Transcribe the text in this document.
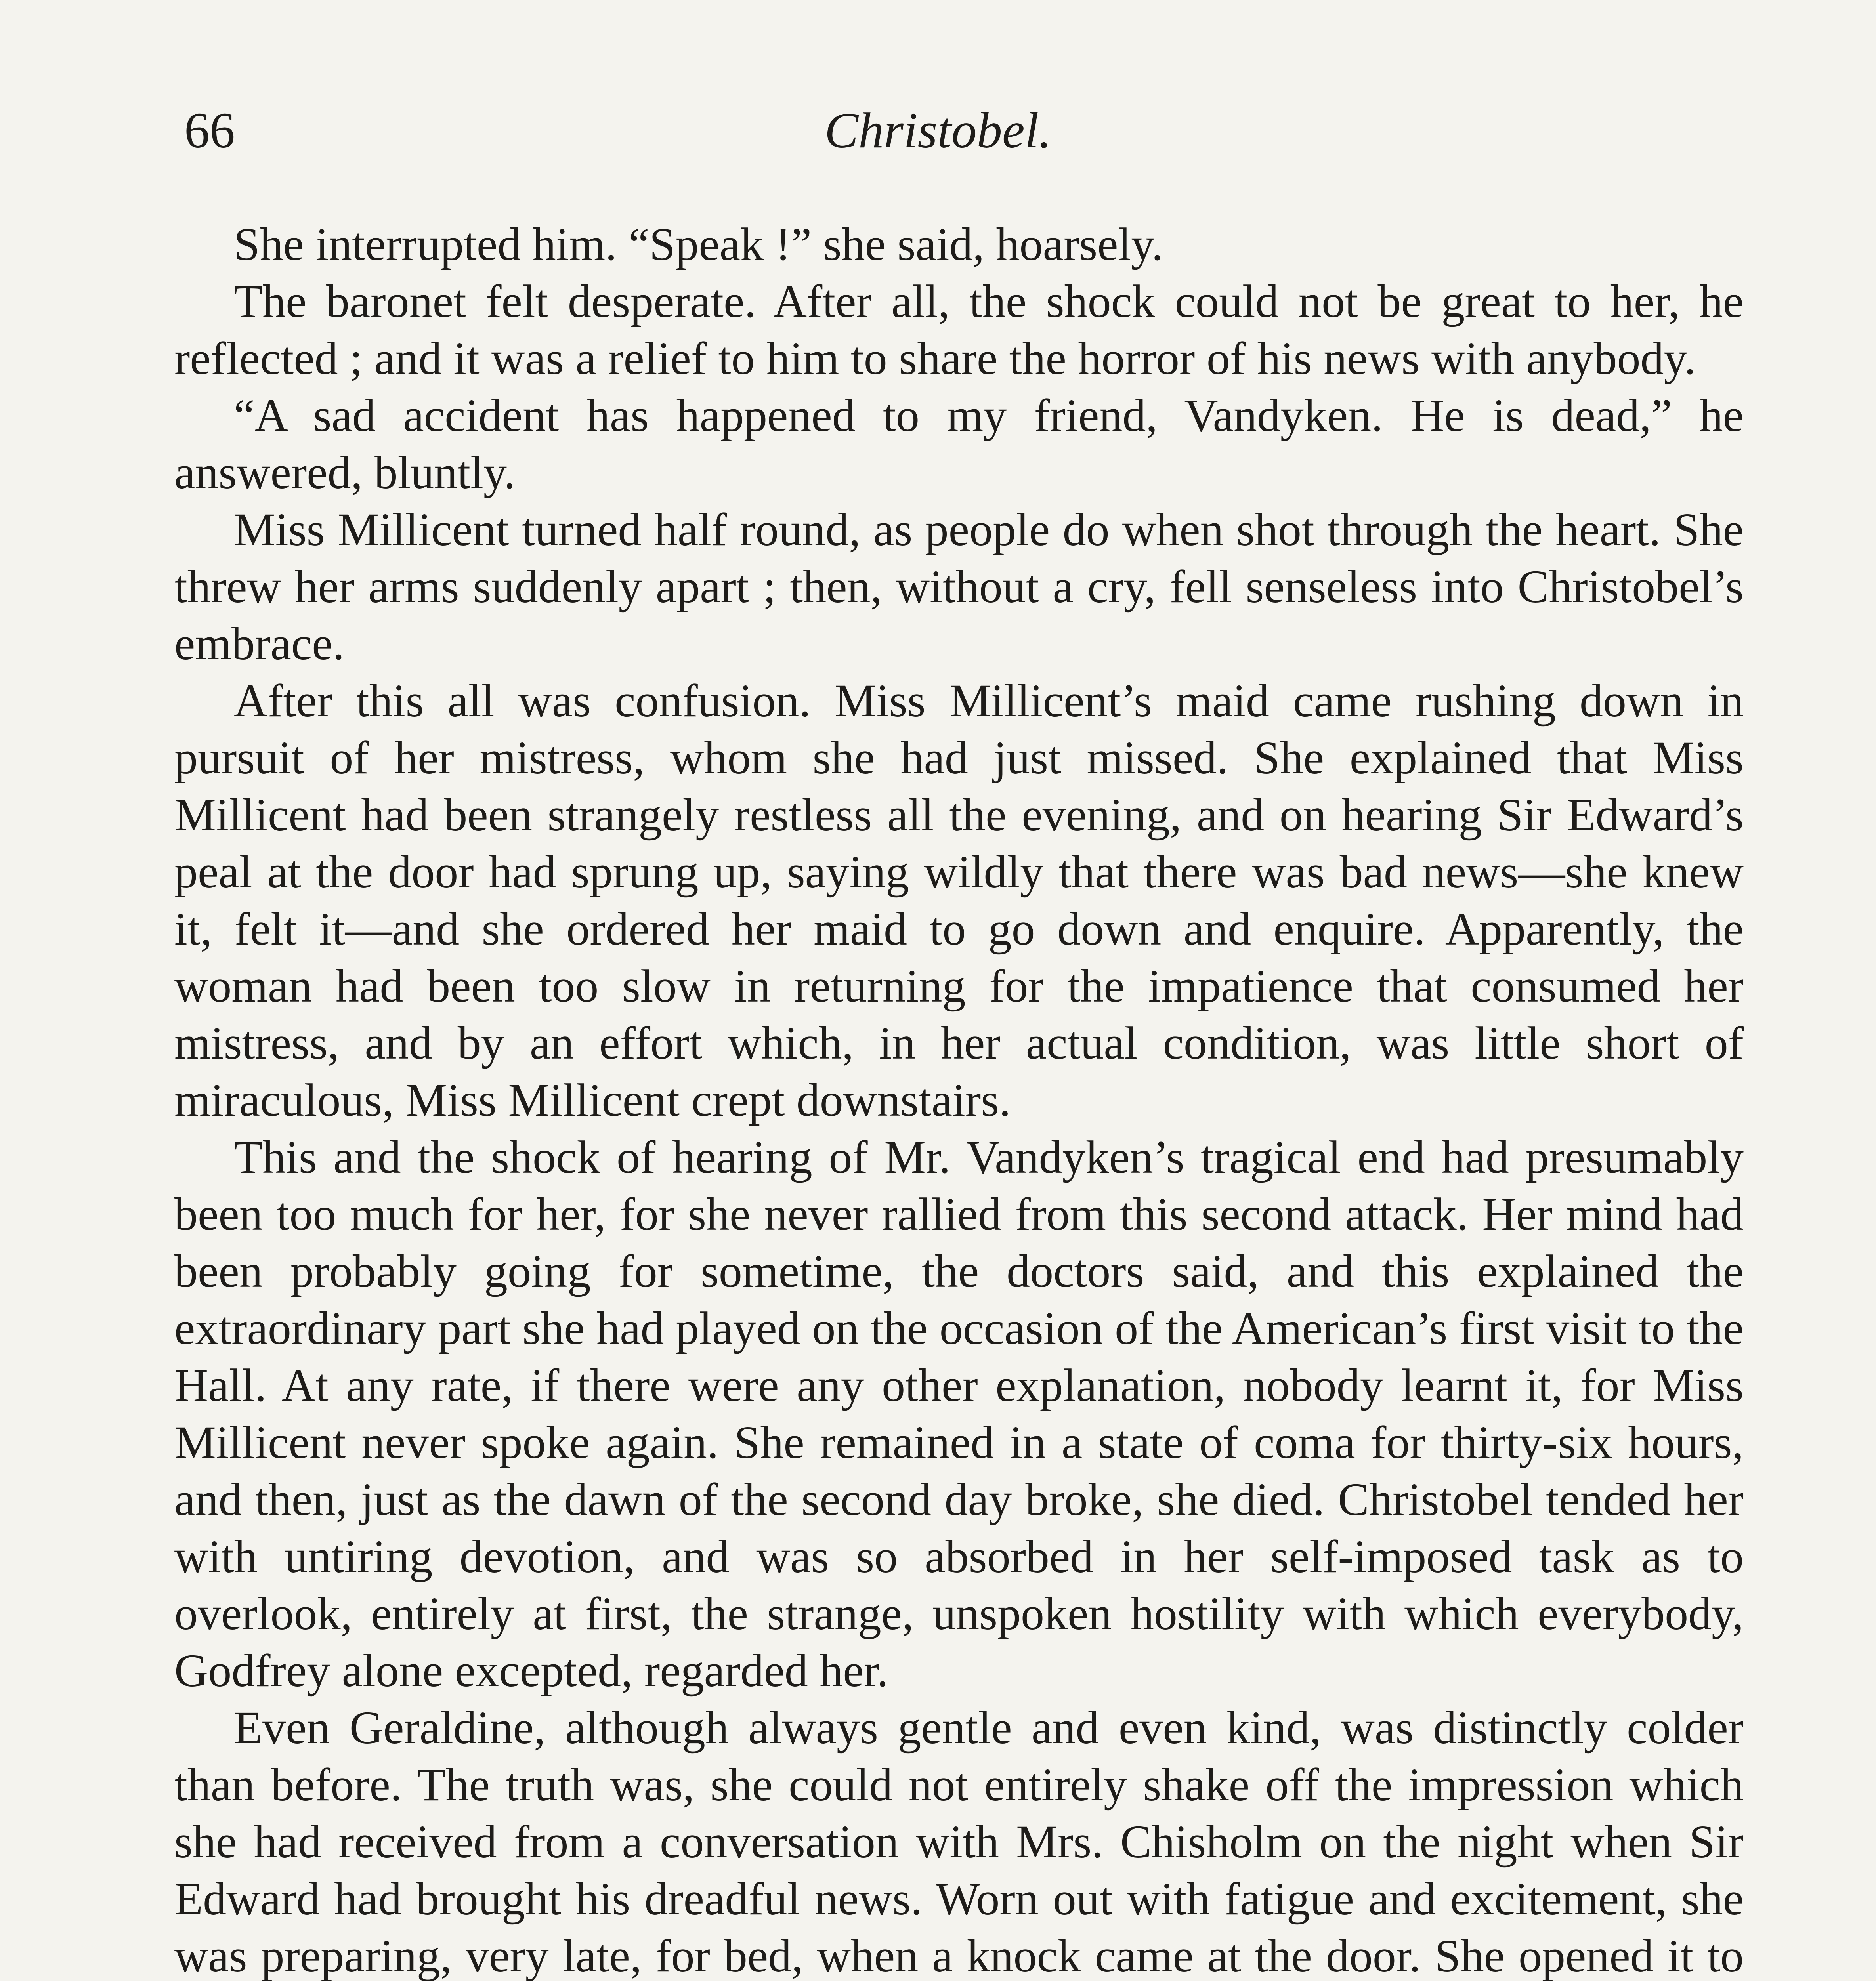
66	Christobel.

She interrupted him. “Speak !” she said, hoarsely.

The baronet felt desperate. After all, the shock could not be great to her, he reflected ; and it was a relief to him to share the horror of his news with anybody.

“A sad accident has happened to my friend, Vandyken. He is dead,” he answered, bluntly.

Miss Millicent turned half round, as people do when shot through the heart. She threw her arms suddenly apart ; then, without a cry, fell senseless into Christobel’s embrace.

After this all was confusion. Miss Millicent’s maid came rushing down in pursuit of her mistress, whom she had just missed. She explained that Miss Millicent had been strangely restless all the evening, and on hearing Sir Edward’s peal at the door had sprung up, saying wildly that there was bad news—she knew it, felt it—and she ordered her maid to go down and enquire. Apparently, the woman had been too slow in returning for the impatience that consumed her mistress, and by an effort which, in her actual condition, was little short of miraculous, Miss Millicent crept downstairs.

This and the shock of hearing of Mr. Vandyken’s tragical end had presumably been too much for her, for she never rallied from this second attack. Her mind had been probably going for sometime, the doctors said, and this explained the extraordinary part she had played on the occasion of the American’s first visit to the Hall. At any rate, if there were any other explanation, nobody learnt it, for Miss Millicent never spoke again. She remained in a state of coma for thirty-six hours, and then, just as the dawn of the second day broke, she died. Christobel tended her with untiring devotion, and was so absorbed in her self-imposed task as to overlook, entirely at first, the strange, unspoken hostility with which everybody, Godfrey alone excepted, regarded her.

Even Geraldine, although always gentle and even kind, was distinctly colder than before. The truth was, she could not entirely shake off the impression which she had received from a conversation with Mrs. Chisholm on the night when Sir Edward had brought his dreadful news. Worn out with fatigue and excitement, she was preparing, very late, for bed, when a knock came at the door. She opened it to
